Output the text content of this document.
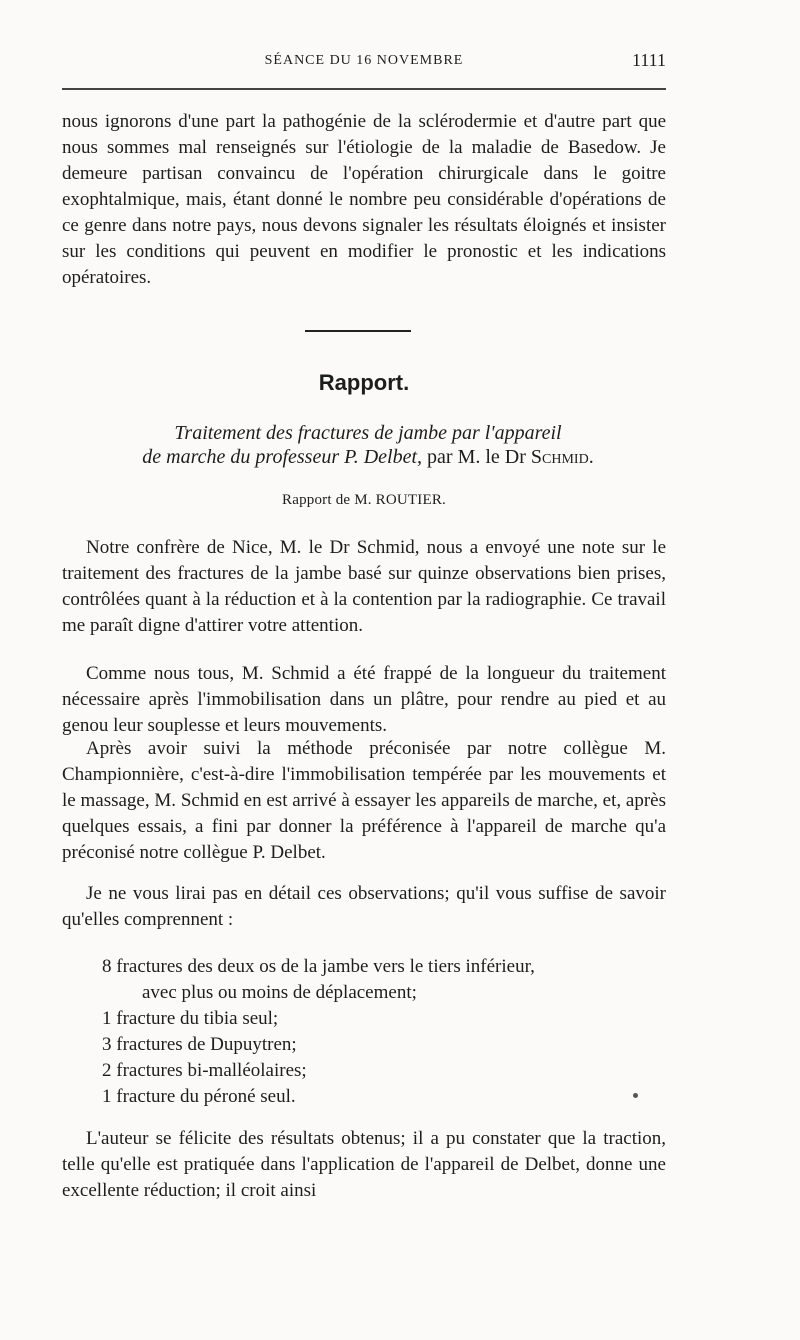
SÉANCE DU 16 NOVEMBRE	1111
nous ignorons d'une part la pathogénie de la sclérodermie et d'autre part que nous sommes mal renseignés sur l'étiologie de la maladie de Basedow. Je demeure partisan convaincu de l'opération chirurgicale dans le goitre exophtalmique, mais, étant donné le nombre peu considérable d'opérations de ce genre dans notre pays, nous devons signaler les résultats éloignés et insister sur les conditions qui peuvent en modifier le pronostic et les indications opératoires.
Rapport.
Traitement des fractures de jambe par l'appareil
de marche du professeur P. Delbet, par M. le Dr Schmid.
Rapport de M. ROUTIER.
Notre confrère de Nice, M. le Dr Schmid, nous a envoyé une note sur le traitement des fractures de la jambe basé sur quinze observations bien prises, contrôlées quant à la réduction et à la contention par la radiographie. Ce travail me paraît digne d'attirer votre attention.
Comme nous tous, M. Schmid a été frappé de la longueur du traitement nécessaire après l'immobilisation dans un plâtre, pour rendre au pied et au genou leur souplesse et leurs mouvements.
Après avoir suivi la méthode préconisée par notre collègue M. Championnière, c'est-à-dire l'immobilisation tempérée par les mouvements et le massage, M. Schmid en est arrivé à essayer les appareils de marche, et, après quelques essais, a fini par donner la préférence à l'appareil de marche qu'a préconisé notre collègue P. Delbet.
Je ne vous lirai pas en détail ces observations; qu'il vous suffise de savoir qu'elles comprennent :
8 fractures des deux os de la jambe vers le tiers inférieur,
avec plus ou moins de déplacement;
1 fracture du tibia seul;
3 fractures de Dupuytren;
2 fractures bi-malléolaires;
1 fracture du péroné seul.
L'auteur se félicite des résultats obtenus; il a pu constater que la traction, telle qu'elle est pratiquée dans l'application de l'appareil de Delbet, donne une excellente réduction; il croit ainsi
